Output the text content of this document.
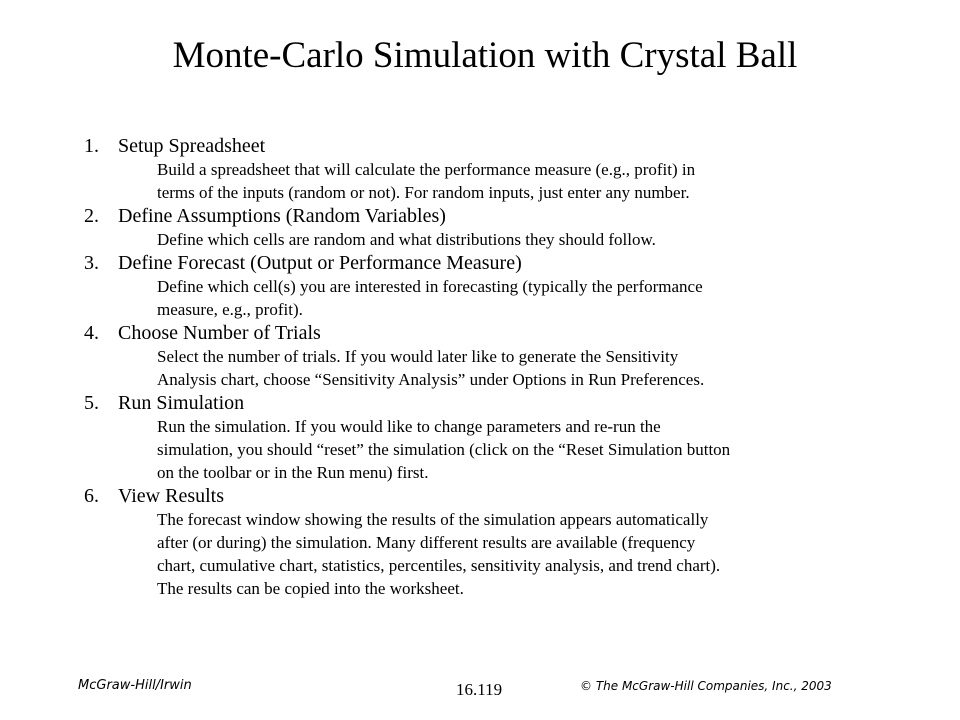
Monte-Carlo Simulation with Crystal Ball
1. Setup Spreadsheet
Build a spreadsheet that will calculate the performance measure (e.g., profit) in
terms of the inputs (random or not). For random inputs, just enter any number.
2. Define Assumptions (Random Variables)
Define which cells are random and what distributions they should follow.
3. Define Forecast (Output or Performance Measure)
Define which cell(s) you are interested in forecasting (typically the performance
measure, e.g., profit).
4. Choose Number of Trials
Select the number of trials. If you would later like to generate the Sensitivity
Analysis chart, choose “Sensitivity Analysis” under Options in Run Preferences.
5. Run Simulation
Run the simulation. If you would like to change parameters and re-run the
simulation, you should “reset” the simulation (click on the “Reset Simulation button
on the toolbar or in the Run menu) first.
6. View Results
The forecast window showing the results of the simulation appears automatically
after (or during) the simulation. Many different results are available (frequency
chart, cumulative chart, statistics, percentiles, sensitivity analysis, and trend chart).
The results can be copied into the worksheet.
McGraw-Hill/Irwin	16.119	© The McGraw-Hill Companies, Inc., 2003
